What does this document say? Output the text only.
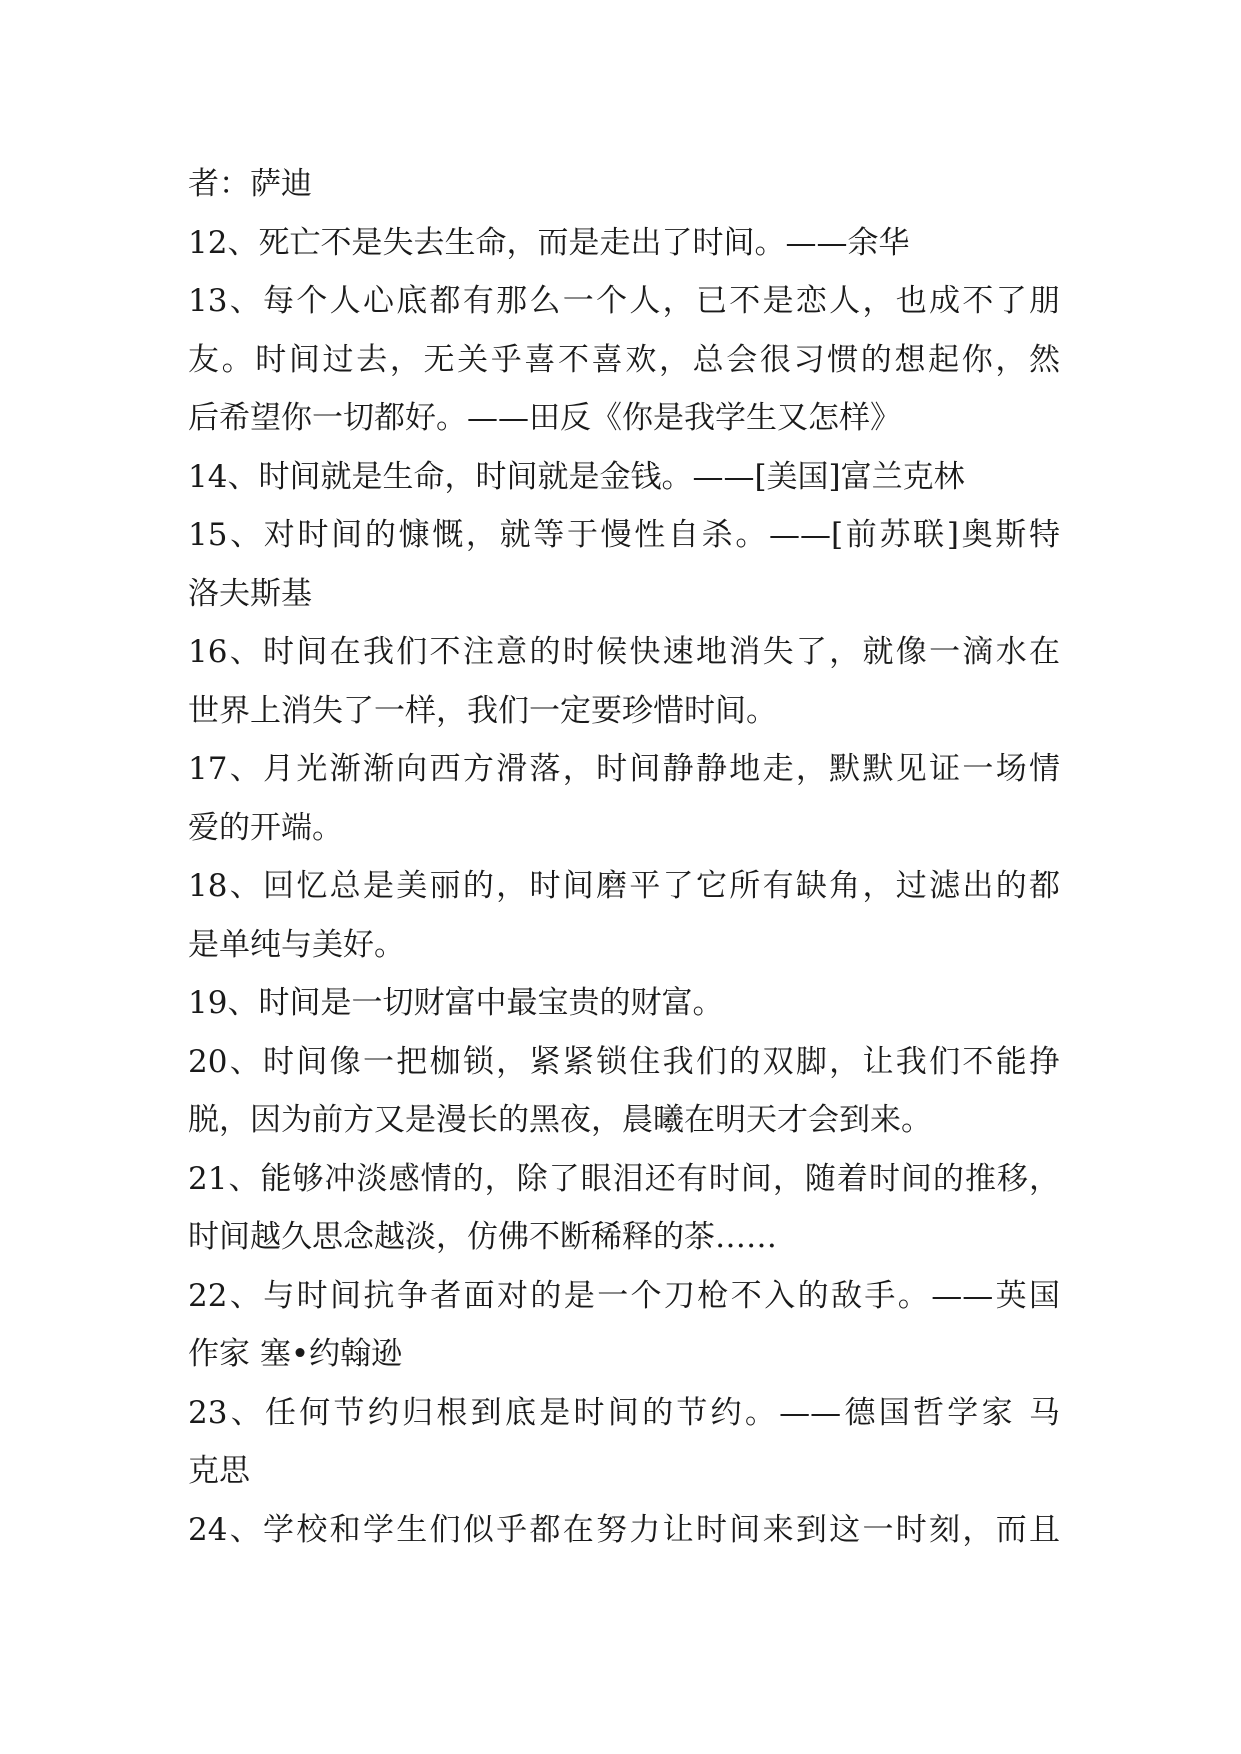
者：萨迪
12、死亡不是失去生命，而是走出了时间。——余华
13、每个人心底都有那么一个人，已不是恋人，也成不了朋
友。时间过去，无关乎喜不喜欢，总会很习惯的想起你，然
后希望你一切都好。——田反《你是我学生又怎样》
14、时间就是生命，时间就是金钱。——[美国]富兰克林
15、对时间的慷慨，就等于慢性自杀。——[前苏联]奥斯特
洛夫斯基
16、时间在我们不注意的时候快速地消失了，就像一滴水在
世界上消失了一样，我们一定要珍惜时间。
17、月光渐渐向西方滑落，时间静静地走，默默见证一场情
爱的开端。
18、回忆总是美丽的，时间磨平了它所有缺角，过滤出的都
是单纯与美好。
19、时间是一切财富中最宝贵的财富。
20、时间像一把枷锁，紧紧锁住我们的双脚，让我们不能挣
脱，因为前方又是漫长的黑夜，晨曦在明天才会到来。
21、能够冲淡感情的，除了眼泪还有时间，随着时间的推移，
时间越久思念越淡，仿佛不断稀释的茶……
22、与时间抗争者面对的是一个刀枪不入的敌手。——英国
作家 塞•约翰逊
23、任何节约归根到底是时间的节约。——德国哲学家 马
克思
24、学校和学生们似乎都在努力让时间来到这一时刻，而且
